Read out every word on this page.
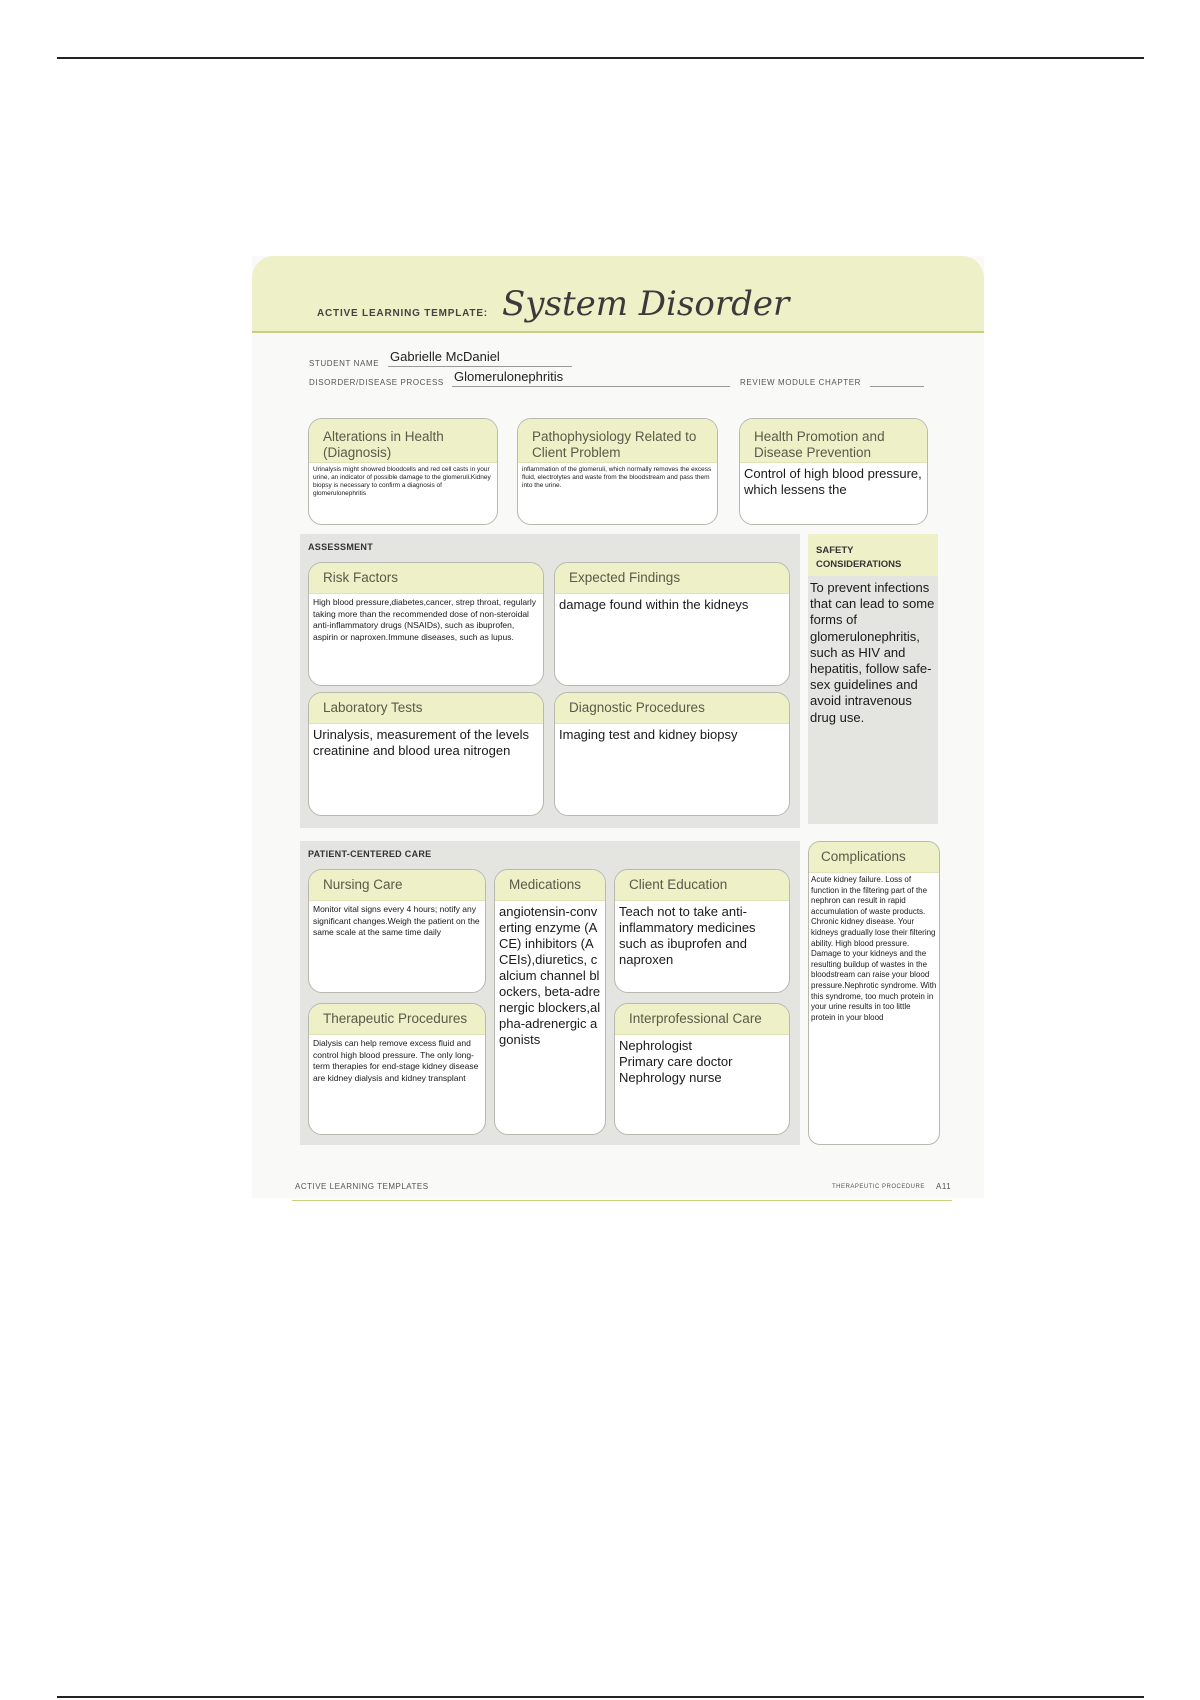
ACTIVE LEARNING TEMPLATE: System Disorder
STUDENT NAME Gabrielle McDaniel
DISORDER/DISEASE PROCESS Glomerulonephritis	REVIEW MODULE CHAPTER
Alterations in Health (Diagnosis)
Urinalysis might showred bloodcells and red cell casts in your urine, an indicator of possible damage to the glomeruli.Kidney biopsy is necessary to confirm a diagnosis of glomerulonephritis
Pathophysiology Related to Client Problem
inflammation of the glomeruli, which normally removes the excess fluid, electrolytes and waste from the bloodstream and pass them into the urine.
Health Promotion and Disease Prevention
Control of high blood pressure, which lessens the
ASSESSMENT
Risk Factors
High blood pressure,diabetes,cancer, strep throat, regularly taking more than the recommended dose of non-steroidal anti-inflammatory drugs (NSAIDs), such as ibuprofen, aspirin or naproxen.Immune diseases, such as lupus.
Expected Findings
damage found within the kidneys
Laboratory Tests
Urinalysis, measurement of the levels creatinine and blood urea nitrogen
Diagnostic Procedures
Imaging test and kidney biopsy
SAFETY
CONSIDERATIONS
To prevent infections that can lead to some forms of glomerulonephritis, such as HIV and hepatitis, follow safe-sex guidelines and avoid intravenous drug use.
PATIENT-CENTERED CARE
Nursing Care
Monitor vital signs every 4 hours; notify any significant changes.Weigh the patient on the same scale at the same time daily
Medications
angiotensin-converting enzyme (ACE) inhibitors (ACEIs),diuretics, calcium channel blockers, beta-adrenergic blockers,alpha-adrenergic agonists
Client Education
Teach not to take anti-inflammatory medicines such as ibuprofen and naproxen
Therapeutic Procedures
Dialysis can help remove excess fluid and control high blood pressure. The only long-term therapies for end-stage kidney disease are kidney dialysis and kidney transplant
Interprofessional Care
Nephrologist
Primary care doctor
Nephrology nurse
Complications
Acute kidney failure. Loss of function in the filtering part of the nephron can result in rapid accumulation of waste products. Chronic kidney disease. Your kidneys gradually lose their filtering ability. High blood pressure. Damage to your kidneys and the resulting buildup of wastes in the bloodstream can raise your blood pressure.Nephrotic syndrome. With this syndrome, too much protein in your urine results in too little protein in your blood
ACTIVE LEARNING TEMPLATES	THERAPEUTIC PROCEDURE A11
